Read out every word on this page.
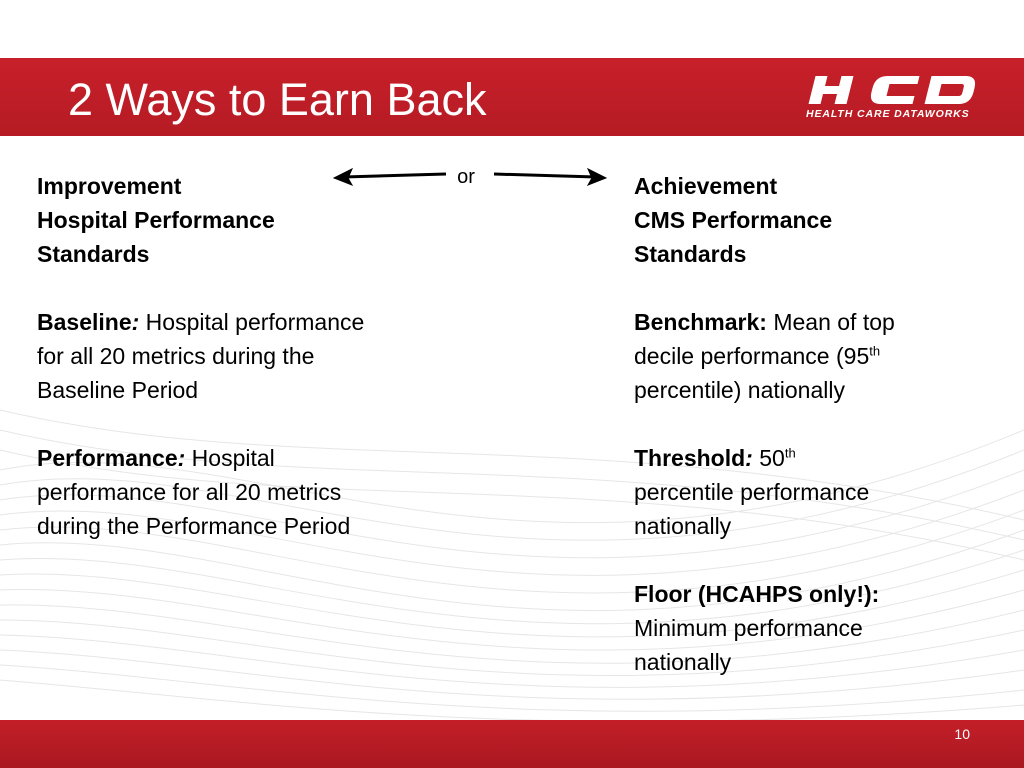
2 Ways to Earn Back	HEALTH CARE DATAWORKS
or
Improvement
Hospital Performance
Standards
Baseline: Hospital performance
for all 20 metrics during the
Baseline Period
Performance: Hospital
performance for all 20 metrics
during the Performance Period
Achievement
CMS Performance
Standards
Benchmark: Mean of top
decile performance (95th
percentile) nationally
Threshold: 50th
percentile performance
nationally
Floor (HCAHPS only!):
Minimum performance
nationally
10
